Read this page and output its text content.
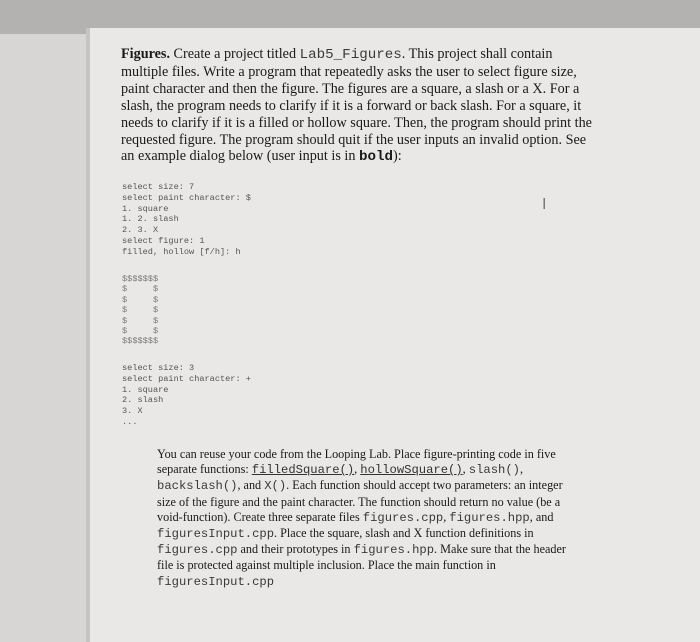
Figures. Create a project titled Lab5_Figures. This project shall contain multiple files. Write a program that repeatedly asks the user to select figure size, paint character and then the figure. The figures are a square, a slash or a X. For a slash, the program needs to clarify if it is a forward or back slash. For a square, it needs to clarify if it is a filled or hollow square. Then, the program should print the requested figure. The program should quit if the user inputs an invalid option. See an example dialog below (user input is in bold):

select size: 7
select paint character: $
1. square
1. 2. slash
2. 3. X
select figure: 1
filled, hollow [f/h]: h
$$$$$$$
$     $
$     $
$     $
$     $
$     $
$$$$$$$
select size: 3
select paint character: +
1. square
2. slash
3. X
...
I

You can reuse your code from the Looping Lab. Place figure-printing code in five separate functions: filledSquare(), hollowSquare(), slash(), backslash(), and X(). Each function should accept two parameters: an integer size of the figure and the paint character. The function should return no value (be a void-function). Create three separate files figures.cpp, figures.hpp, and figuresInput.cpp. Place the square, slash and X function definitions in figures.cpp and their prototypes in figures.hpp. Make sure that the header file is protected against multiple inclusion. Place the main function in figuresInput.cpp
